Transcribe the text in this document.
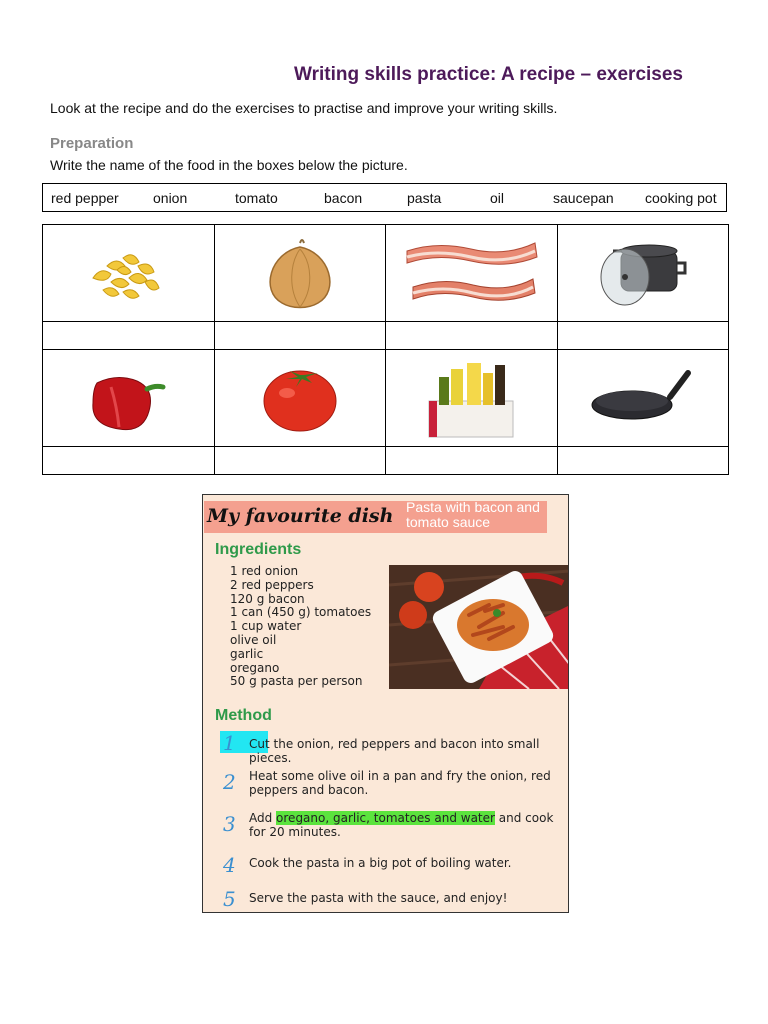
Writing skills practice: A recipe – exercises
Look at the recipe and do the exercises to practise and improve your writing skills.
Preparation
Write the name of the food in the boxes below the picture.
red pepper onion	tomato	bacon	pasta	oil	saucepan cooking pot

My favourite dish Pasta with bacon and tomato sauce
Ingredients
1 red onion
2 red peppers
120 g bacon
1 can (450 g) tomatoes
1 cup water
olive oil
garlic
oregano
50 g pasta per person
Method
1 Cut the onion, red peppers and bacon into small pieces.
2 Heat some olive oil in a pan and fry the onion, red peppers and bacon.
3 Add oregano, garlic, tomatoes and water and cook for 20 minutes.
4 Cook the pasta in a big pot of boiling water.
5 Serve the pasta with the sauce, and enjoy!
